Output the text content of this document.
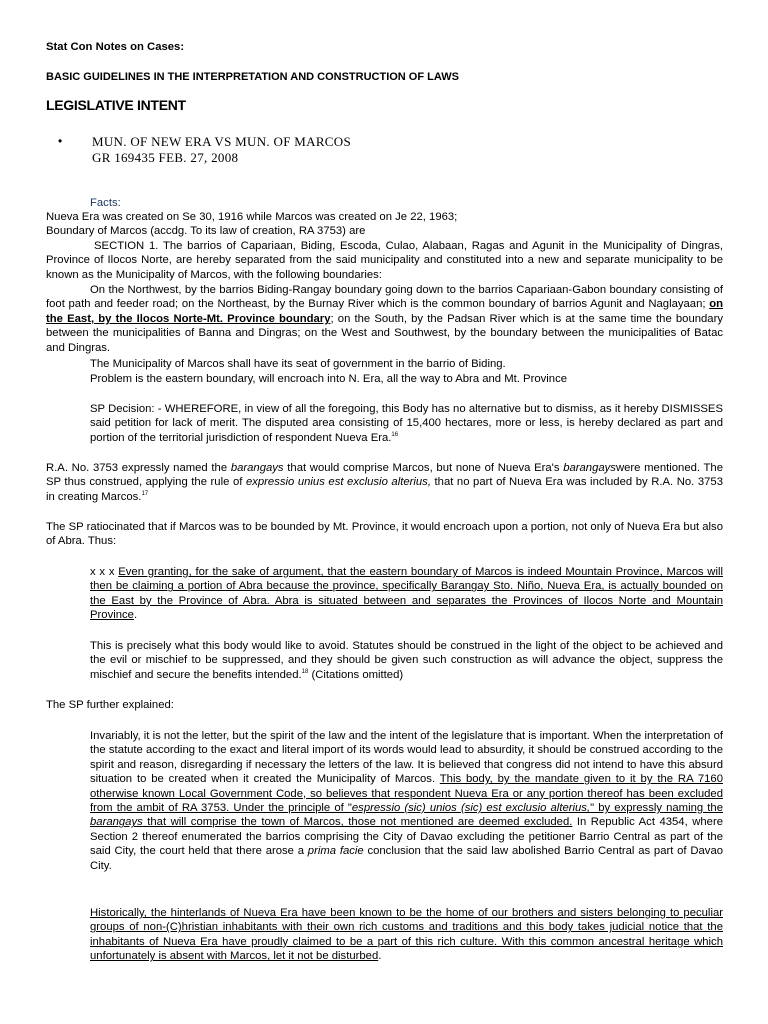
Stat Con Notes on Cases:
BASIC GUIDELINES IN THE INTERPRETATION AND CONSTRUCTION OF LAWS
LEGISLATIVE INTENT
• MUN. OF NEW ERA VS MUN. OF MARCOS
GR 169435 FEB. 27, 2008
Facts:
Nueva Era was created on Se 30, 1916 while Marcos was created on Je 22, 1963;
Boundary of Marcos (accdg. To its law of creation, RA 3753) are
SECTION 1. The barrios of Capariaan, Biding, Escoda, Culao, Alabaan, Ragas and Agunit in the Municipality of Dingras, Province of Ilocos Norte, are hereby separated from the said municipality and constituted into a new and separate municipality to be known as the Municipality of Marcos, with the following boundaries:
On the Northwest, by the barrios Biding-Rangay boundary going down to the barrios Capariaan-Gabon boundary consisting of foot path and feeder road; on the Northeast, by the Burnay River which is the common boundary of barrios Agunit and Naglayaan; on the East, by the Ilocos Norte-Mt. Province boundary; on the South, by the Padsan River which is at the same time the boundary between the municipalities of Banna and Dingras; on the West and Southwest, by the boundary between the municipalities of Batac and Dingras.
The Municipality of Marcos shall have its seat of government in the barrio of Biding.
Problem is the eastern boundary, will encroach into N. Era, all the way to Abra and Mt. Province
SP Decision: - WHEREFORE, in view of all the foregoing, this Body has no alternative but to dismiss, as it hereby DISMISSES said petition for lack of merit. The disputed area consisting of 15,400 hectares, more or less, is hereby declared as part and portion of the territorial jurisdiction of respondent Nueva Era.$^{16}$
R.A. No. 3753 expressly named the barangays that would comprise Marcos, but none of Nueva Era's barangayswere mentioned. The SP thus construed, applying the rule of expressio unius est exclusio alterius, that no part of Nueva Era was included by R.A. No. 3753 in creating Marcos.$^{17}$
The SP ratiocinated that if Marcos was to be bounded by Mt. Province, it would encroach upon a portion, not only of Nueva Era but also of Abra. Thus:
x x x Even granting, for the sake of argument, that the eastern boundary of Marcos is indeed Mountain Province, Marcos will then be claiming a portion of Abra because the province, specifically Barangay Sto. Niño, Nueva Era, is actually bounded on the East by the Province of Abra. Abra is situated between and separates the Provinces of Ilocos Norte and Mountain Province.
This is precisely what this body would like to avoid. Statutes should be construed in the light of the object to be achieved and the evil or mischief to be suppressed, and they should be given such construction as will advance the object, suppress the mischief and secure the benefits intended.$^{18}$ (Citations omitted)
The SP further explained:
Invariably, it is not the letter, but the spirit of the law and the intent of the legislature that is important. When the interpretation of the statute according to the exact and literal import of its words would lead to absurdity, it should be construed according to the spirit and reason, disregarding if necessary the letters of the law. It is believed that congress did not intend to have this absurd situation to be created when it created the Municipality of Marcos. This body, by the mandate given to it by the RA 7160 otherwise known Local Government Code, so believes that respondent Nueva Era or any portion thereof has been excluded from the ambit of RA 3753. Under the principle of "espressio (sic) unios (sic) est exclusio alterius," by expressly naming the barangays that will comprise the town of Marcos, those not mentioned are deemed excluded. In Republic Act 4354, where Section 2 thereof enumerated the barrios comprising the City of Davao excluding the petitioner Barrio Central as part of the said City, the court held that there arose a prima facie conclusion that the said law abolished Barrio Central as part of Davao City.
Historically, the hinterlands of Nueva Era have been known to be the home of our brothers and sisters belonging to peculiar groups of non-(C)hristian inhabitants with their own rich customs and traditions and this body takes judicial notice that the inhabitants of Nueva Era have proudly claimed to be a part of this rich culture. With this common ancestral heritage which unfortunately is absent with Marcos, let it not be disturbed.
